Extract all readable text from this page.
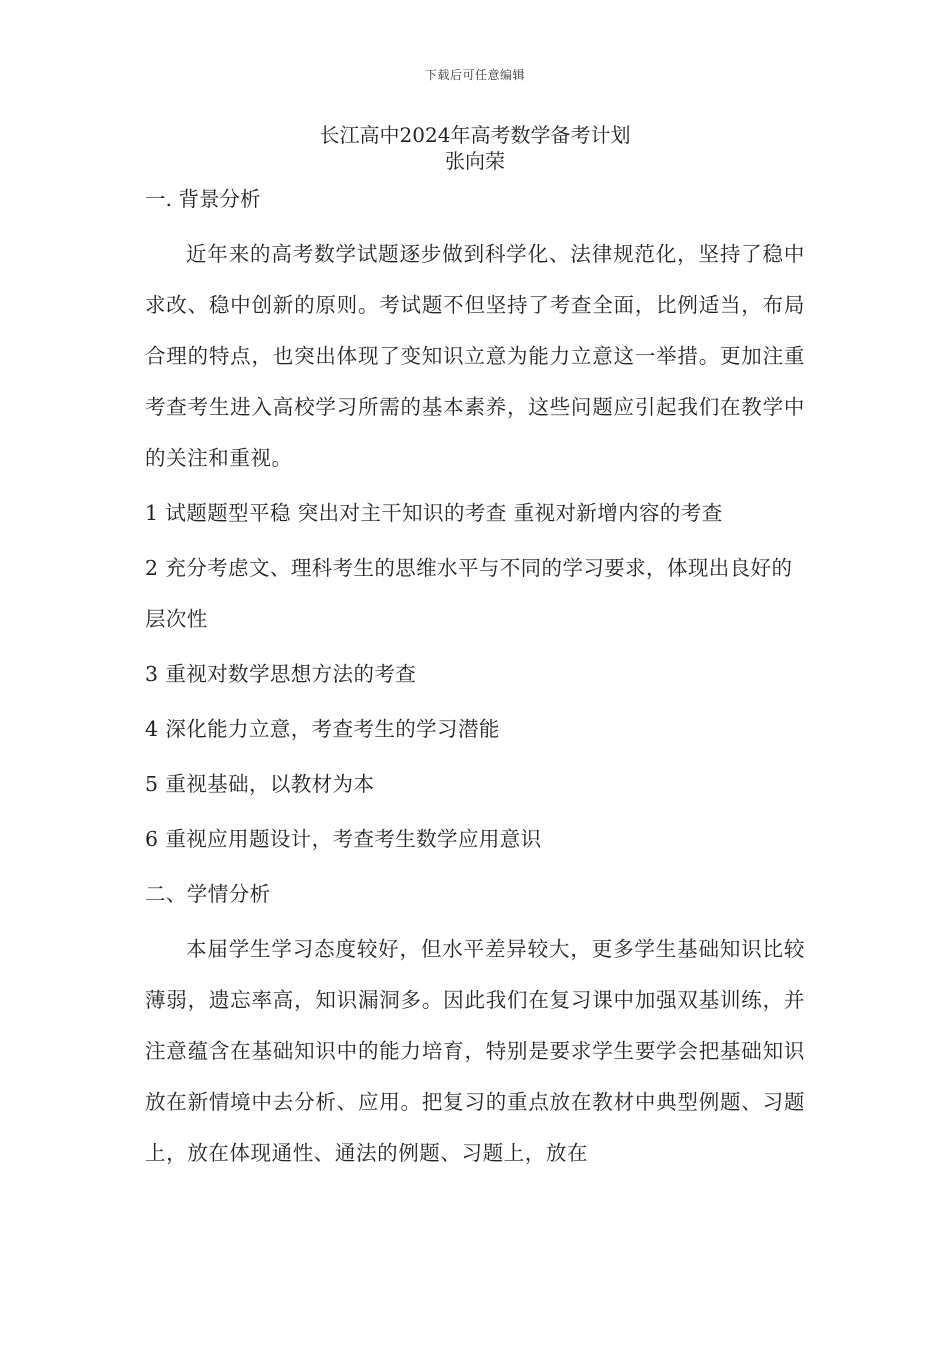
下载后可任意编辑
长江高中2024年高考数学备考计划
张向荣

一. 背景分析

近年来的高考数学试题逐步做到科学化、法律规范化，坚持了稳中求改、稳中创新的原则。考试题不但坚持了考查全面，比例适当，布局合理的特点，也突出体现了变知识立意为能力立意这一举措。更加注重考查考生进入高校学习所需的基本素养，这些问题应引起我们在教学中的关注和重视。

1 试题题型平稳 突出对主干知识的考查 重视对新增内容的考查

2 充分考虑文、理科考生的思维水平与不同的学习要求，体现出良好的层次性

3 重视对数学思想方法的考查

4 深化能力立意，考查考生的学习潜能

5 重视基础，以教材为本

6 重视应用题设计，考查考生数学应用意识

二、学情分析

本届学生学习态度较好，但水平差异较大，更多学生基础知识比较薄弱，遗忘率高，知识漏洞多。因此我们在复习课中加强双基训练，并注意蕴含在基础知识中的能力培育，特别是要求学生要学会把基础知识放在新情境中去分析、应用。把复习的重点放在教材中典型例题、习题上，放在体现通性、通法的例题、习题上，放在
